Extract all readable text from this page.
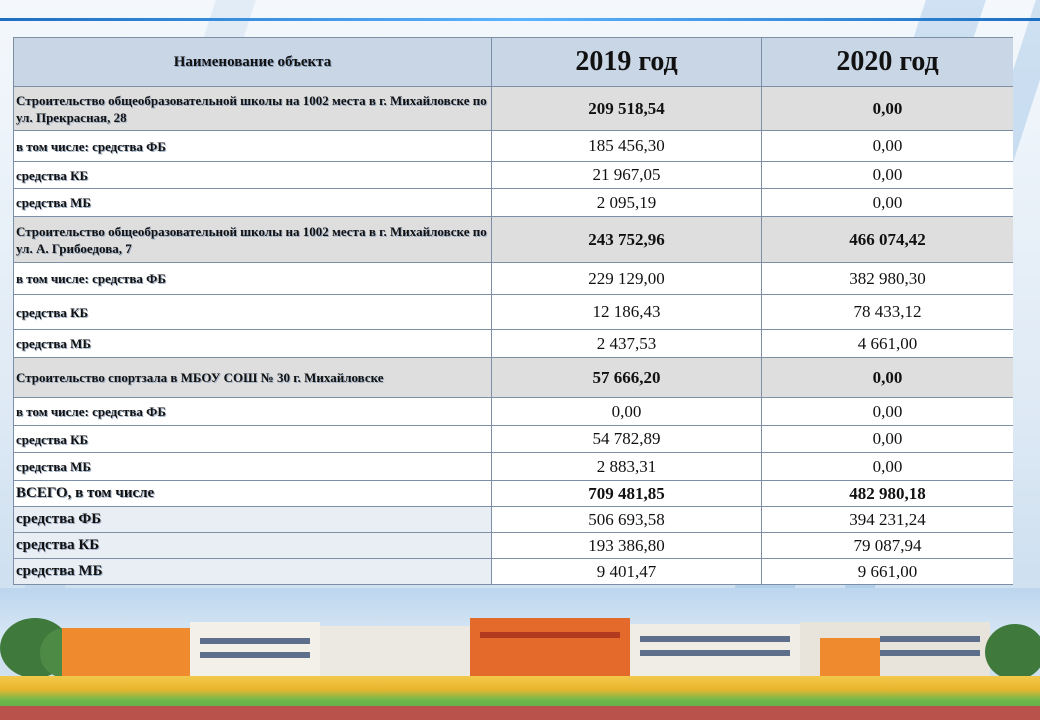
Наименование объекта	2019 год	2020 год
Строительство общеобразовательной школы на 1002 места в г. Михайловске по ул. Прекрасная, 28	209 518,54	0,00
в том числе: средства ФБ	185 456,30	0,00
средства КБ	21 967,05	0,00
средства МБ	2 095,19	0,00
Строительство общеобразовательной школы на 1002 места в г. Михайловске по ул. А. Грибоедова, 7	243 752,96	466 074,42
в том числе: средства ФБ	229 129,00	382 980,30
средства КБ	12 186,43	78 433,12
средства МБ	2 437,53	4 661,00
Строительство спортзала в МБОУ СОШ № 30 г. Михайловске	57 666,20	0,00
в том числе: средства ФБ	0,00	0,00
средства КБ	54 782,89	0,00
средства МБ	2 883,31	0,00
ВСЕГО, в том числе	709 481,85	482 980,18
средства ФБ	506 693,58	394 231,24
средства КБ	193 386,80	79 087,94
средства МБ	9 401,47	9 661,00
